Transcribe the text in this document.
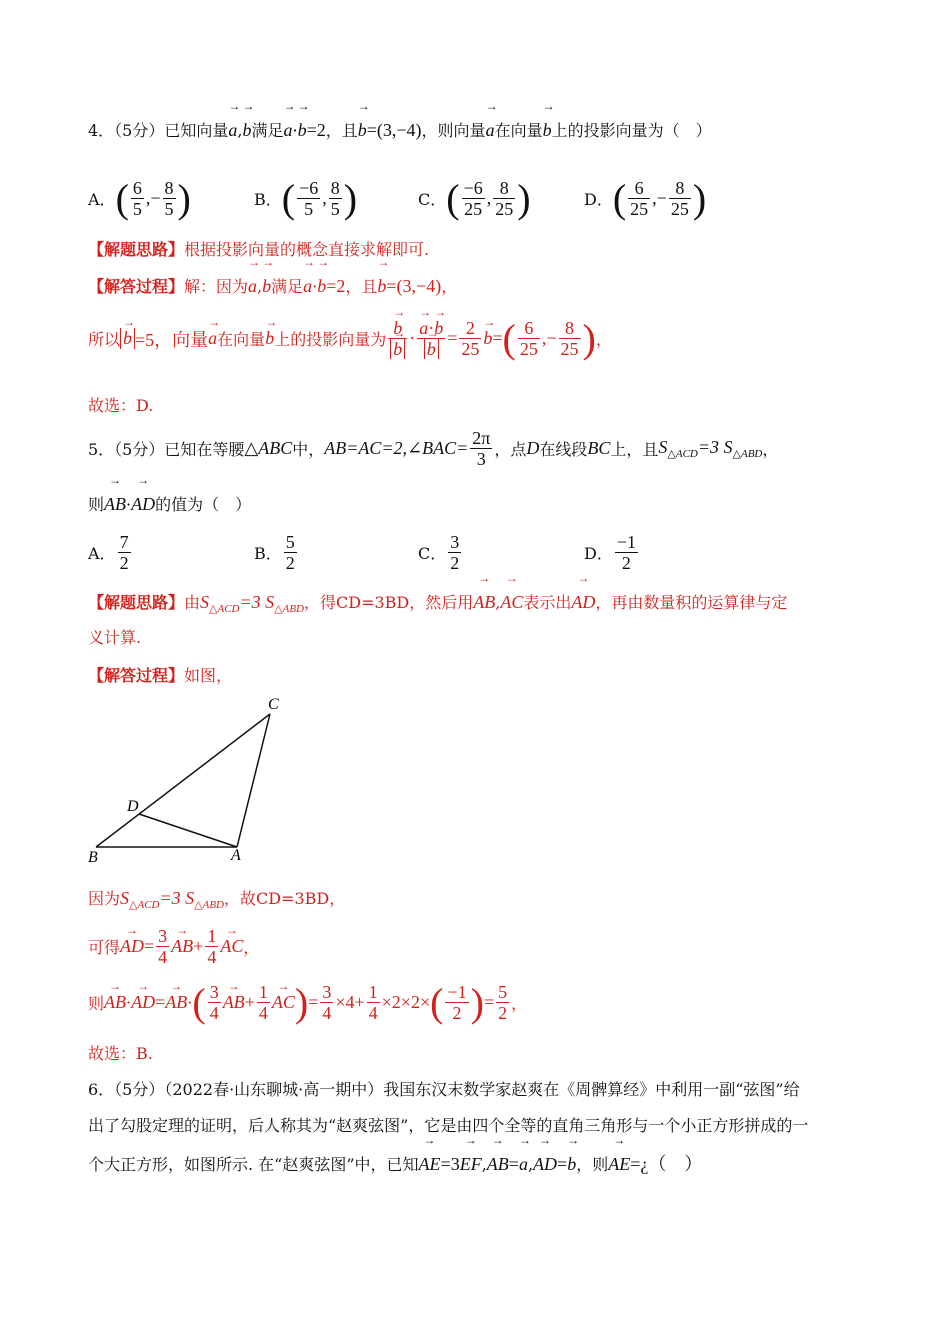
4．（5分）已知向量→ a,→ b满足→ a·→ b=2，且→ b=(3,−4)，则向量→ a在向量→ b上的投影向量为（　）
A． ( $\frac{6}{5}$ ,− $\frac{8}{5}$ )	B． ( $\frac{-6}{5}$ , $\frac{8}{5}$ )	C． ( $\frac{-6}{25}$ , $\frac{8}{25}$ )	D． ( $\frac{6}{25}$ ,− $\frac{8}{25}$ )
【解题思路】根据投影向量的概念直接求解即可.
【解答过程】解：因为→ a,→ b满足→ a·→ b=2，且→ b=(3,−4)，
所以
→ b =5，向量
→ a 在向量
→ b 上的投影向量为
→ b
→ b ·
→ a·→ b
→ $b = \frac{2}{25}$
→ b = ( $\frac{6}{25}$ ,− $\frac{8}{25}$ ) ，
故选：D.
5．（5分）已知在等腰 △ABC 中， AB=AC=2,∠BAC= $\frac{2\pi}{3}$ ，点 D 在线段 BC 上，且 $S_{\triangle ACD}=3$ $S_{\triangle ABD}$ ，
则→ AB·→ AD的值为（　）
A． $\frac{7}{2}$	B． $\frac{5}{2}$	C． $\frac{3}{2}$	D． $\frac{-1}{2}$
【解题思路】由$S_{\triangle ACD}=3$ $S_{\triangle ABD}$，得CD=3BD，然后用→ AB,→ AC表示出→ AD，再由数量积的运算律与定
义计算.
【解答过程】如图，
C
D
B	A
因为$S_{\triangle ACD}=3$ $S_{\triangle ABD}$，故CD=3BD，
可得
→ AD = $\frac{3}{4}$
→ AB + $\frac{1}{4}$
→ AC ，
则
→ AB ·
→ AD =
→ AB · ( $\frac{3}{4}$
→ AB + $\frac{1}{4}$
→ AC ) = $\frac{3}{4} \times 4+ \frac{1}{4} \times 2\times 2\times$ ( $\frac{-1}{2}$ ) = $\frac{5}{2}$ ，
故选：B.
6．（5分）（2022春·山东聊城·高一期中）我国东汉末数学家赵爽在《周髀算经》中利用一副“弦图”给
出了勾股定理的证明，后人称其为“赵爽弦图”，它是由四个全等的直角三角形与一个小正方形拼成的一
个大正方形，如图所示. 在“赵爽弦图”中，已知→ AE=3→ EF,→ AB=→ a,→ AD=→ b，则→ AE=¿（　）
